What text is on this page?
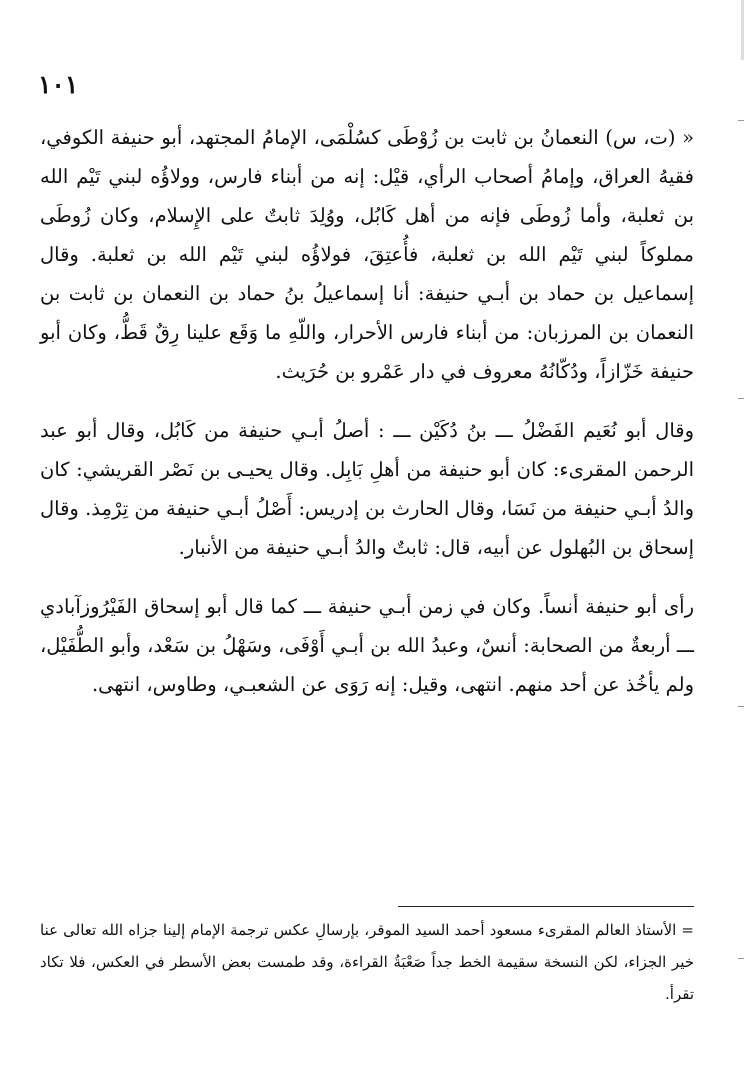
١٠١

« (ت، س) النعمانُ بن ثابت بن زُوْطَى كسُلْمَى، الإمامُ المجتهد، أبو حنيفة الكوفي، فقيهُ العراق، وإمامُ أصحاب الرأي، قيْل: إنه من أبناء فارس، وولاؤُه لبني تَيْم الله بن ثعلبة، وأما زُوطَى فإنه من أهل كَابُل، ووُلِدَ ثابتٌ على الإِسلام، وكان زُوطَى مملوكاً لبني تَيْم الله بن ثعلبة، فأُعتِقَ، فولاؤُه لبني تَيْم الله بن ثعلبة. وقال إسماعيل بن حماد بن أبـي حنيفة: أنا إسماعيلُ بنُ حماد بن النعمان بن ثابت بن النعمان بن المرزبان: من أبناء فارس الأحرار، واللّهِ ما وَقَع علينا رِقٌ قَطُّ، وكان أبو حنيفة خَزّازاً، ودُكّانُهُ معروف في دار عَمْرو بن حُرَيث.

وقال أبو نُعَيم الفَضْلُ ـــ بنُ دُكَيْن ـــ : أصلُ أبـي حنيفة من كَابُل، وقال أبو عبد الرحمن المقرىء: كان أبو حنيفة من أهلِ بَابِل. وقال يحيـى بن نَصْر القريشي: كان والدُ أبـي حنيفة من نَسَا، وقال الحارث بن إدريس: أَصْلُ أبـي حنيفة من تِرْمِذ. وقال إسحاق بن البُهلول عن أبيه، قال: ثابتٌ والدُ أبـي حنيفة من الأنبار.

رأى أبو حنيفة أنساً. وكان في زمن أبـي حنيفة ـــ كما قال أبو إسحاق الفَيْرُوزآبادي ـــ أربعةٌ من الصحابة: أنسٌ، وعبدُ الله بن أبـي أَوْفَى، وسَهْلُ بن سَعْد، وأبو الطُّفَيْل، ولم يأخُذ عن أحد منهم. انتهى، وقيل: إنه رَوَى عن الشعبـي، وطاوس، انتهى.

= الأستاذ العالم المقرىء مسعود أحمد السيد الموقر، بإرسالِ عكس ترجمة الإمام إلينا جزاه الله تعالى عنا خير الجزاء، لكن النسخة سقيمة الخط جداً صَعْبَةُ القراءة، وقد طمست بعض الأسطر في العكس، فلا تكاد تقرأ.
